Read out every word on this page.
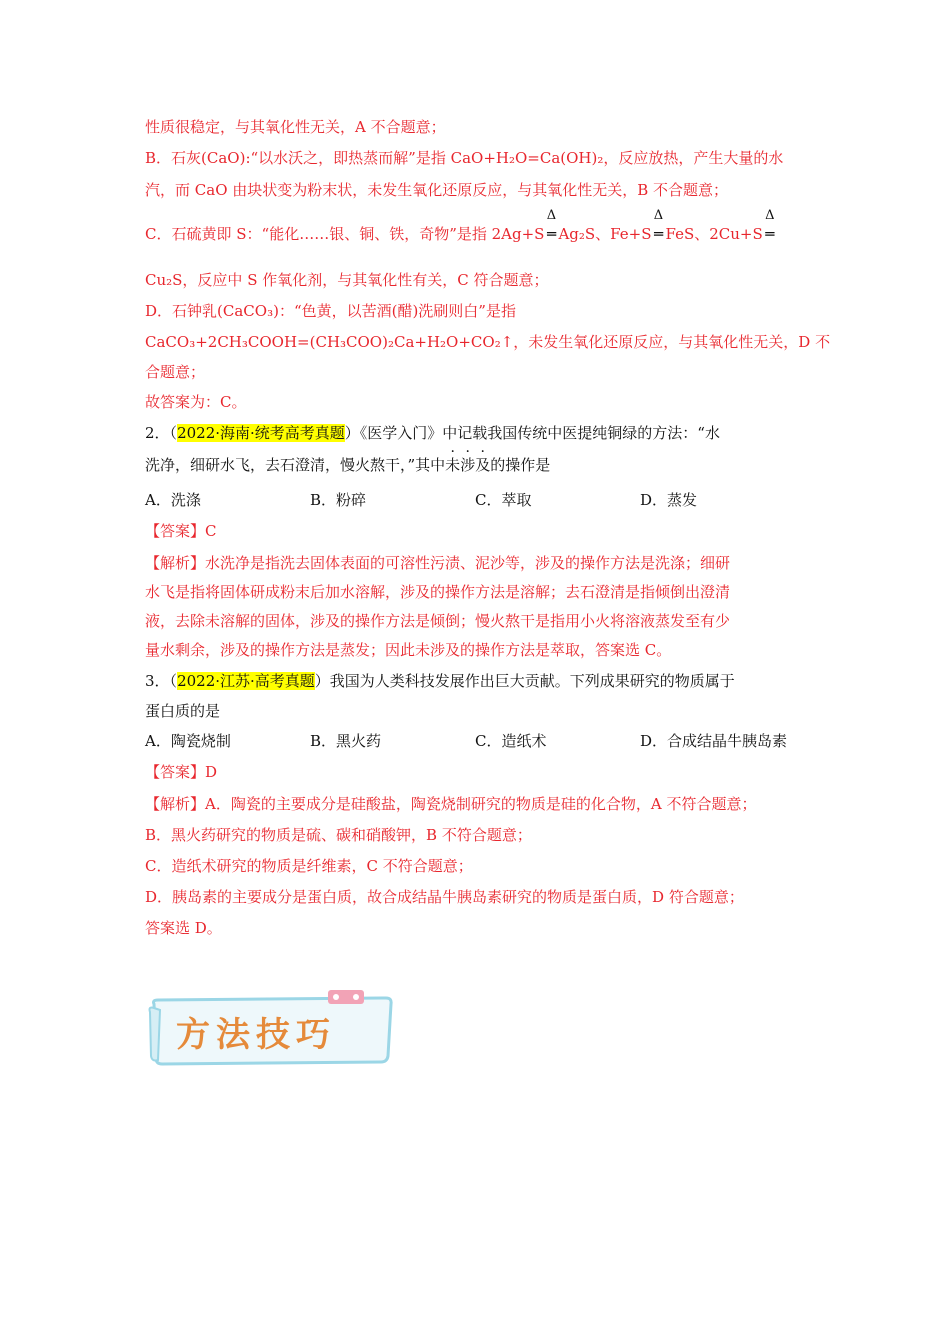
性质很稳定，与其氧化性无关，A 不合题意；
B．石灰(CaO):“以水沃之，即热蒸而解”是指 CaO+H₂O=Ca(OH)₂，反应放热，产生大量的水
汽，而 CaO 由块状变为粉末状，未发生氧化还原反应，与其氧化性无关，B 不合题意；
C．石硫黄即 S：“能化……银、铜、铁，奇物”是指 2Ag+S
Δ
═ Ag₂S、Fe+S
Δ
═ FeS、2Cu+S
Δ
═
Cu₂S，反应中 S 作氧化剂，与其氧化性有关，C 符合题意；
D．石钟乳(CaCO₃)：“色黄，以苦酒(醋)洗刷则白”是指
CaCO₃+2CH₃COOH=(CH₃COO)₂Ca+H₂O+CO₂↑，未发生氧化还原反应，与其氧化性无关，D 不
合题意；
故答案为：C。
2．（2022·海南·统考高考真题）《医学入门》中记载我国传统中医提纯铜绿的方法：“水
洗净，细研水飞，去石澄清，慢火熬干，”其中未涉及的操作是
A．洗涤	B．粉碎	C．萃取	D．蒸发
【答案】C
【解析】水洗净是指洗去固体表面的可溶性污渍、泥沙等，涉及的操作方法是洗涤；细研
水飞是指将固体研成粉末后加水溶解，涉及的操作方法是溶解；去石澄清是指倾倒出澄清
液，去除未溶解的固体，涉及的操作方法是倾倒；慢火熬干是指用小火将溶液蒸发至有少
量水剩余，涉及的操作方法是蒸发；因此未涉及的操作方法是萃取，答案选 C。
3．（2022·江苏·高考真题）我国为人类科技发展作出巨大贡献。下列成果研究的物质属于
蛋白质的是
A．陶瓷烧制	B．黑火药	C．造纸术	D．合成结晶牛胰岛素
【答案】D
【解析】A．陶瓷的主要成分是硅酸盐，陶瓷烧制研究的物质是硅的化合物，A 不符合题意；
B．黑火药研究的物质是硫、碳和硝酸钾，B 不符合题意；
C．造纸术研究的物质是纤维素，C 不符合题意；
D．胰岛素的主要成分是蛋白质，故合成结晶牛胰岛素研究的物质是蛋白质，D 符合题意；
答案选 D。
方法技巧
